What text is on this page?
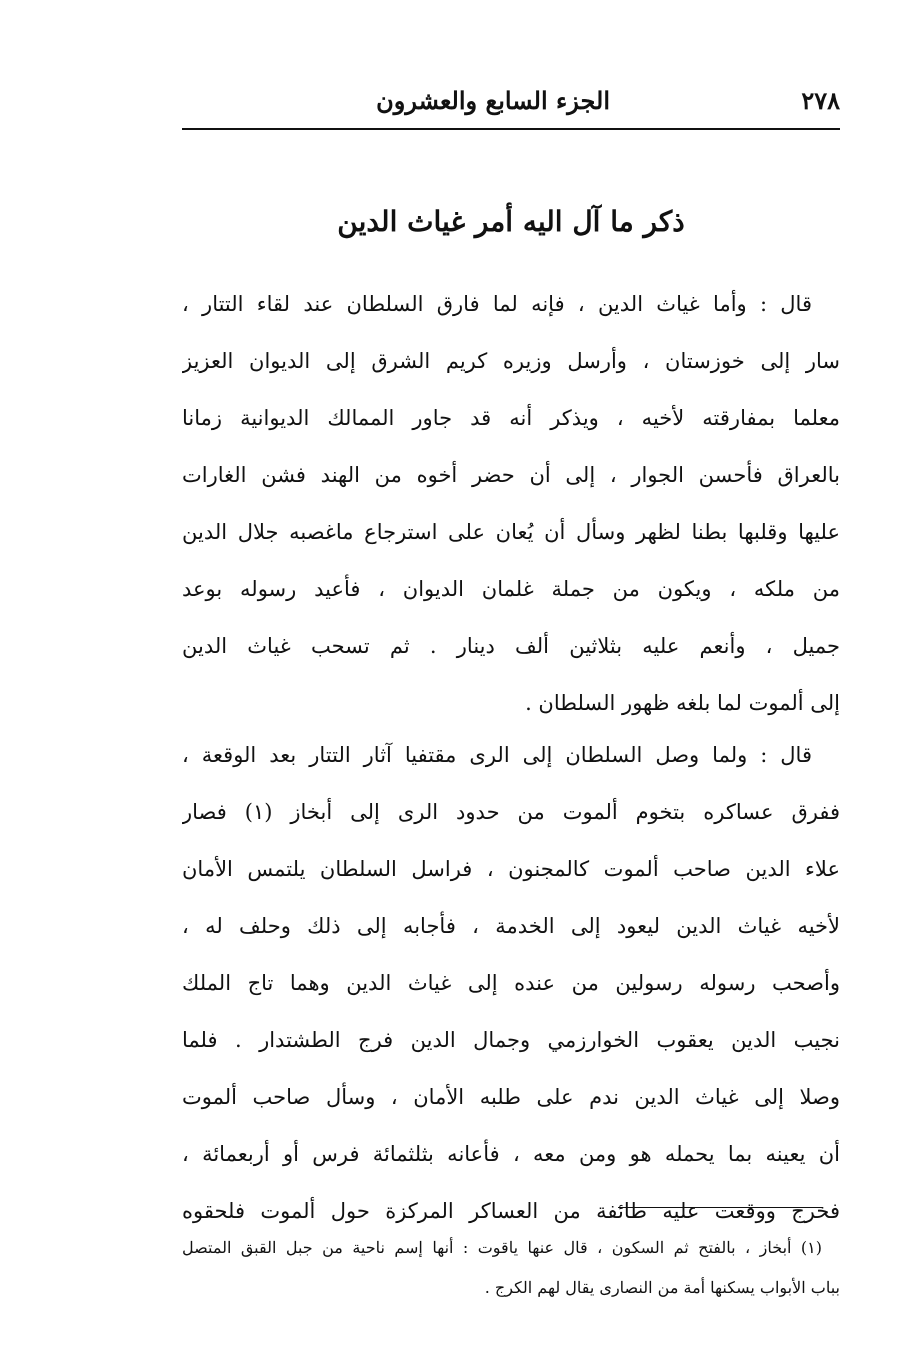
٢٧٨
الجزء السابع والعشرون
ذكر ما آل اليه أمر غياث الدين
قال : وأما غياث الدين ، فإنه لما فارق السلطان عند لقاء التتار ،
سار إلى خوزستان ، وأرسل وزيره كريم الشرق إلى الديوان العزيز
معلما بمفارقته لأخيه ، ويذكر أنه قد جاور الممالك الديوانية زمانا
بالعراق فأحسن الجوار ، إلى أن حضر أخوه من الهند فشن الغارات
عليها وقلبها بطنا لظهر وسأل أن يُعان على استرجاع ماغصبه جلال الدين
من ملكه ، ويكون من جملة غلمان الديوان ، فأعيد رسوله بوعد
جميل ، وأنعم عليه بثلاثين ألف دينار . ثم تسحب غياث الدين
إلى ألموت لما بلغه ظهور السلطان .
قال : ولما وصل السلطان إلى الرى مقتفيا آثار التتار بعد الوقعة ،
ففرق عساكره بتخوم ألموت من حدود الرى إلى أبخاز (١) فصار
علاء الدين صاحب ألموت كالمجنون ، فراسل السلطان يلتمس الأمان
لأخيه غياث الدين ليعود إلى الخدمة ، فأجابه إلى ذلك وحلف له ،
وأصحب رسوله رسولين من عنده إلى غياث الدين وهما تاج الملك
نجيب الدين يعقوب الخوارزمي وجمال الدين فرج الطشتدار . فلما
وصلا إلى غياث الدين ندم على طلبه الأمان ، وسأل صاحب ألموت
أن يعينه بما يحمله هو ومن معه ، فأعانه بثلثمائة فرس أو أربعمائة ،
فخرج ووقعت عليه طائفة من العساكر المركزة حول ألموت فلحقوه
(١) أبخاز ، بالفتح ثم السكون ، قال عنها ياقوت : أنها إسم ناحية من جبل القبق المتصل
بباب الأبواب يسكنها أمة من النصارى يقال لهم الكرج .
